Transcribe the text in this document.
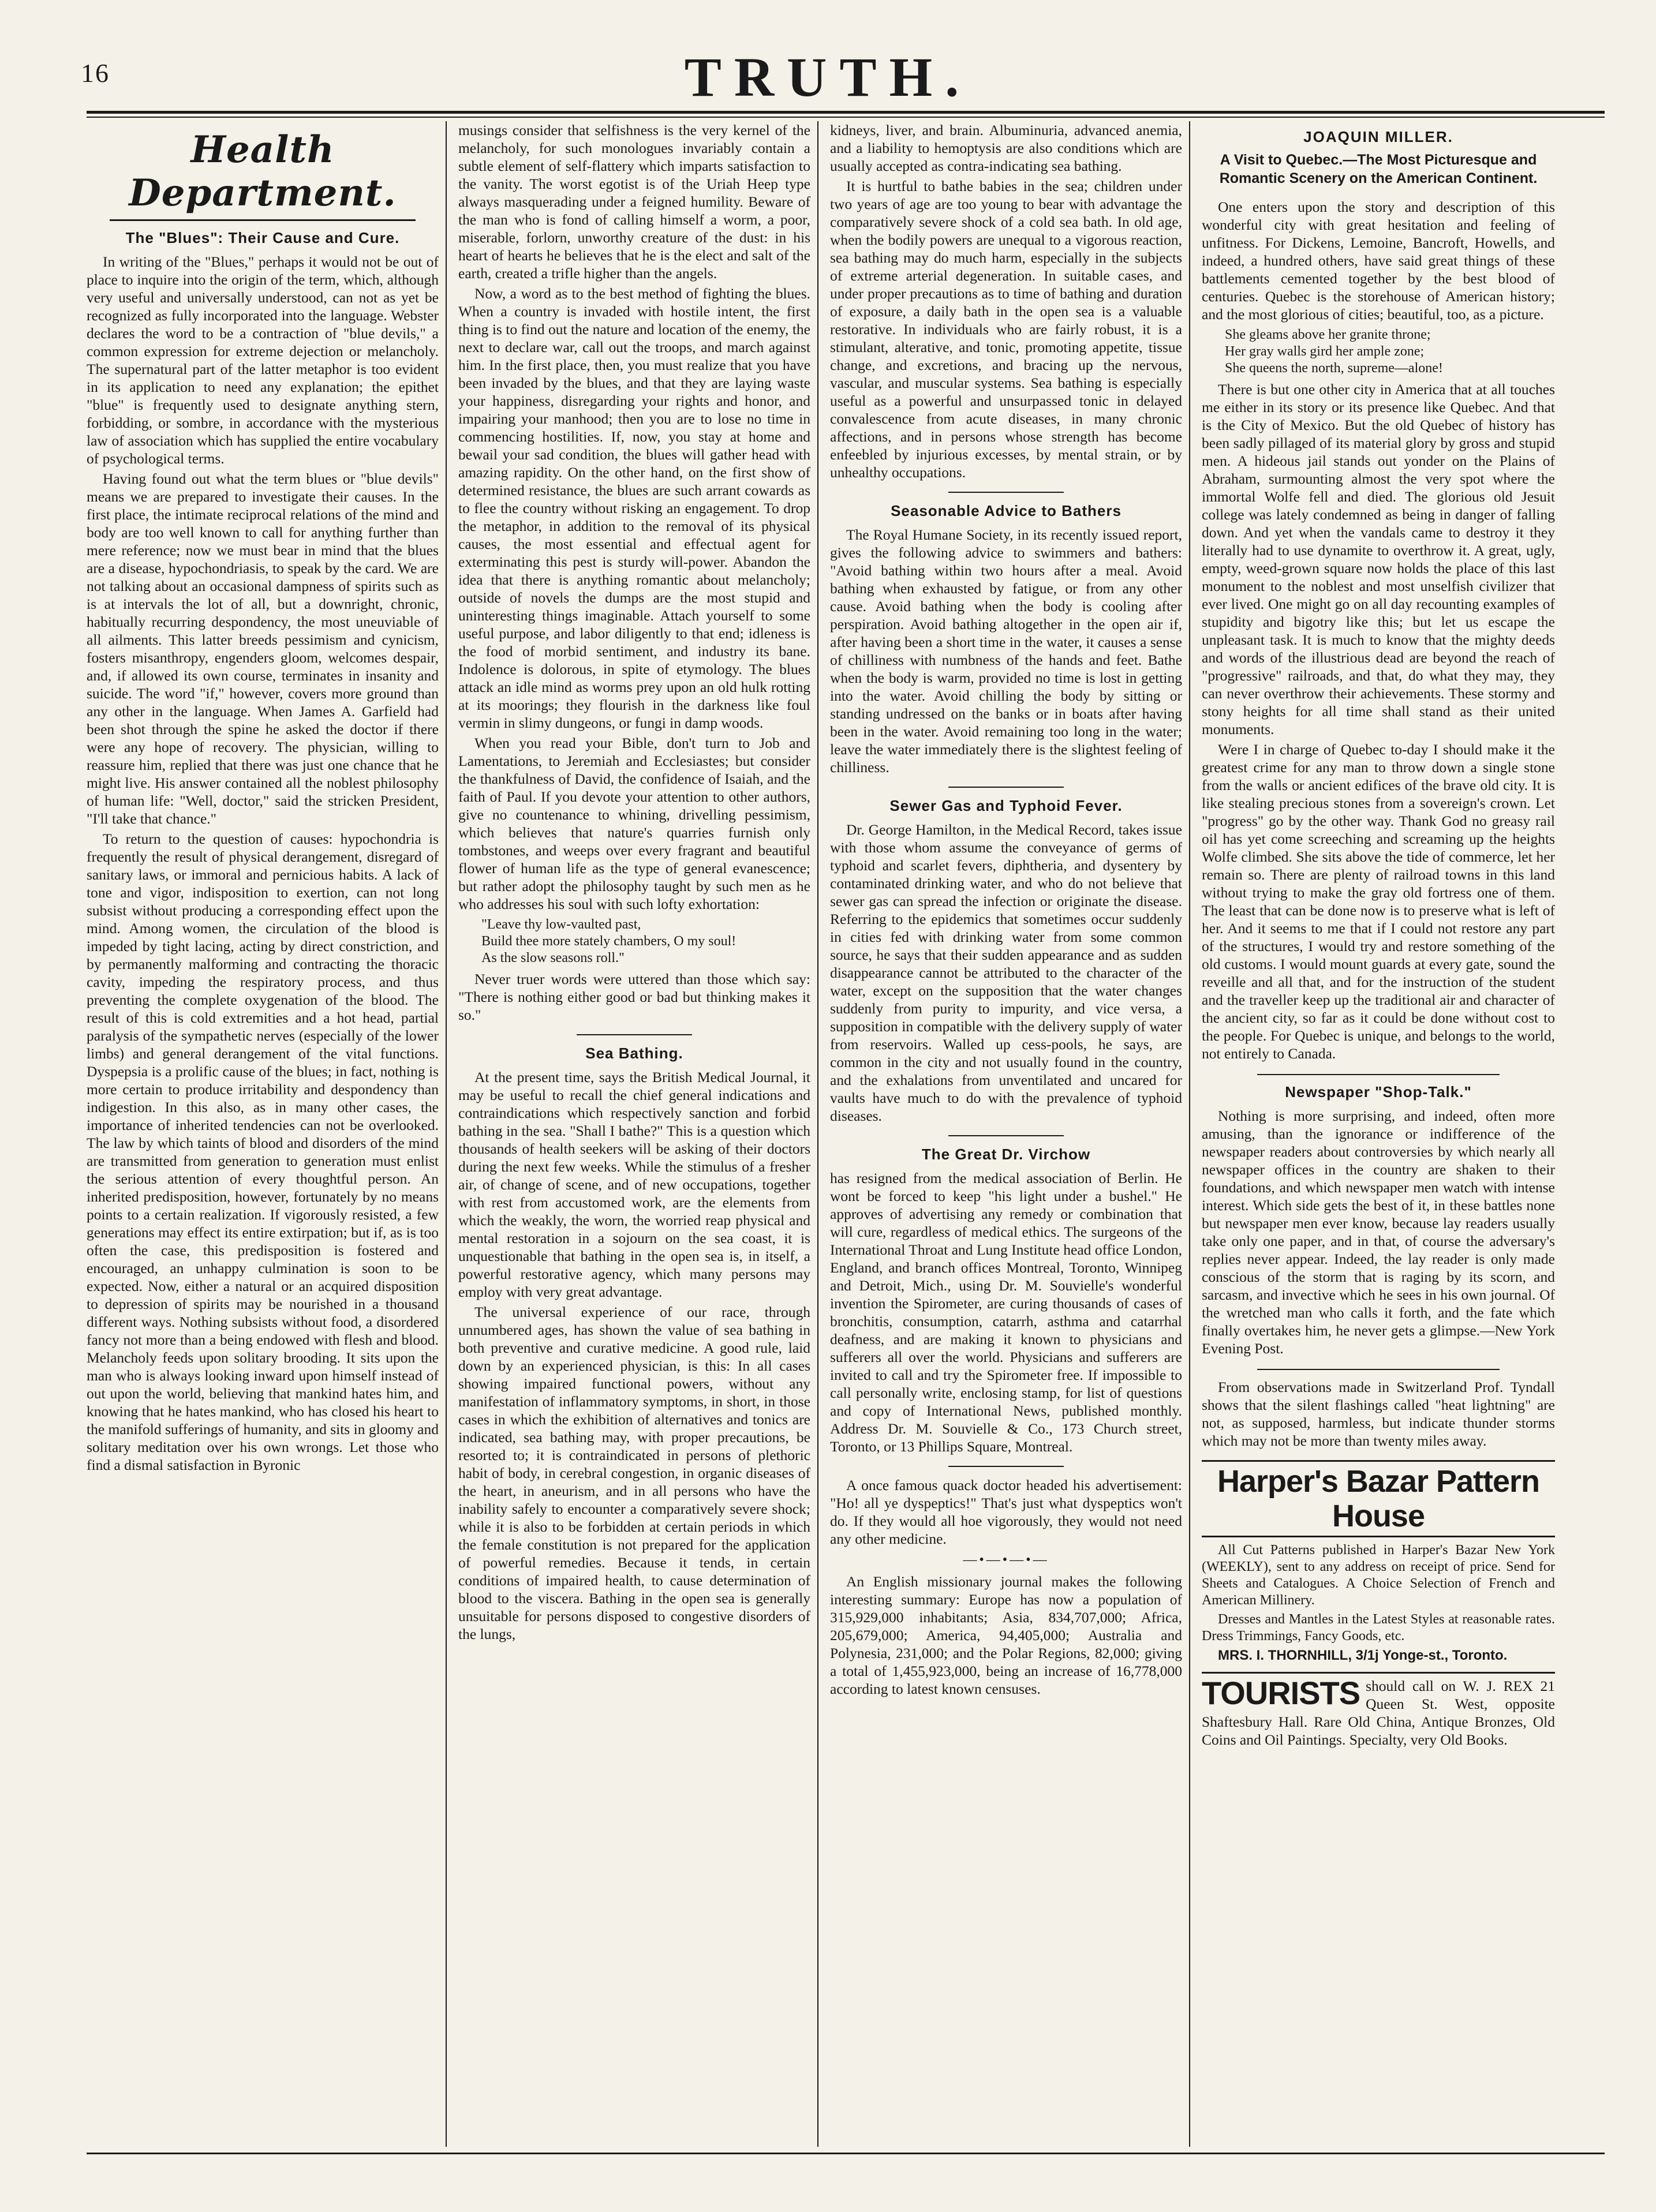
16	TRUTH.
Health Department.
The "Blues": Their Cause and Cure.

In writing of the "Blues," perhaps it would not be out of place to inquire into the origin of the term, which, although very useful and universally understood, can not as yet be recognized as fully incorporated into the language. Webster declares the word to be a contraction of "blue devils," a common expression for extreme dejection or melancholy. The supernatural part of the latter metaphor is too evident in its application to need any explanation; the epithet "blue" is frequently used to designate anything stern, forbidding, or sombre, in accordance with the mysterious law of association which has supplied the entire vocabulary of psychological terms.

Having found out what the term blues or "blue devils" means we are prepared to investigate their causes. In the first place, the intimate reciprocal relations of the mind and body are too well known to call for anything further than mere reference; now we must bear in mind that the blues are a disease, hypochondriasis, to speak by the card. We are not talking about an occasional dampness of spirits such as is at intervals the lot of all, but a downright, chronic, habitually recurring despondency, the most uneuviable of all ailments. This latter breeds pessimism and cynicism, fosters misanthropy, engenders gloom, welcomes despair, and, if allowed its own course, terminates in insanity and suicide. The word "if," however, covers more ground than any other in the language. When James A. Garfield had been shot through the spine he asked the doctor if there were any hope of recovery. The physician, willing to reassure him, replied that there was just one chance that he might live. His answer contained all the noblest philosophy of human life: "Well, doctor," said the stricken President, "I'll take that chance."

To return to the question of causes: hypochondria is frequently the result of physical derangement, disregard of sanitary laws, or immoral and pernicious habits. A lack of tone and vigor, indisposition to exertion, can not long subsist without producing a corresponding effect upon the mind. Among women, the circulation of the blood is impeded by tight lacing, acting by direct constriction, and by permanently malforming and contracting the thoracic cavity, impeding the respiratory process, and thus preventing the complete oxygenation of the blood. The result of this is cold extremities and a hot head, partial paralysis of the sympathetic nerves (especially of the lower limbs) and general derangement of the vital functions. Dyspepsia is a prolific cause of the blues; in fact, nothing is more certain to produce irritability and despondency than indigestion. In this also, as in many other cases, the importance of inherited tendencies can not be overlooked. The law by which taints of blood and disorders of the mind are transmitted from generation to generation must enlist the serious attention of every thoughtful person. An inherited predisposition, however, fortunately by no means points to a certain realization. If vigorously resisted, a few generations may effect its entire extirpation; but if, as is too often the case, this predisposition is fostered and encouraged, an unhappy culmination is soon to be expected. Now, either a natural or an acquired disposition to depression of spirits may be nourished in a thousand different ways. Nothing subsists without food, a disordered fancy not more than a being endowed with flesh and blood. Melancholy feeds upon solitary brooding. It sits upon the man who is always looking inward upon himself instead of out upon the world, believing that mankind hates him, and knowing that he hates mankind, who has closed his heart to the manifold sufferings of humanity, and sits in gloomy and solitary meditation over his own wrongs. Let those who find a dismal satisfaction in Byronic

musings consider that selfishness is the very kernel of the melancholy, for such monologues invariably contain a subtle element of self-flattery which imparts satisfaction to the vanity. The worst egotist is of the Uriah Heep type always masquerading under a feigned humility. Beware of the man who is fond of calling himself a worm, a poor, miserable, forlorn, unworthy creature of the dust: in his heart of hearts he believes that he is the elect and salt of the earth, created a trifle higher than the angels.

Now, a word as to the best method of fighting the blues. When a country is invaded with hostile intent, the first thing is to find out the nature and location of the enemy, the next to declare war, call out the troops, and march against him. In the first place, then, you must realize that you have been invaded by the blues, and that they are laying waste your happiness, disregarding your rights and honor, and impairing your manhood; then you are to lose no time in commencing hostilities. If, now, you stay at home and bewail your sad condition, the blues will gather head with amazing rapidity. On the other hand, on the first show of determined resistance, the blues are such arrant cowards as to flee the country without risking an engagement. To drop the metaphor, in addition to the removal of its physical causes, the most essential and effectual agent for exterminating this pest is sturdy will-power. Abandon the idea that there is anything romantic about melancholy; outside of novels the dumps are the most stupid and uninteresting things imaginable. Attach yourself to some useful purpose, and labor diligently to that end; idleness is the food of morbid sentiment, and industry its bane. Indolence is dolorous, in spite of etymology. The blues attack an idle mind as worms prey upon an old hulk rotting at its moorings; they flourish in the darkness like foul vermin in slimy dungeons, or fungi in damp woods.

When you read your Bible, don't turn to Job and Lamentations, to Jeremiah and Ecclesiastes; but consider the thankfulness of David, the confidence of Isaiah, and the faith of Paul. If you devote your attention to other authors, give no countenance to whining, drivelling pessimism, which believes that nature's quarries furnish only tombstones, and weeps over every fragrant and beautiful flower of human life as the type of general evanescence; but rather adopt the philosophy taught by such men as he who addresses his soul with such lofty exhortation:

"Leave thy low-vaulted past,
Build thee more stately chambers, O my soul!
As the slow seasons roll."

Never truer words were uttered than those which say: "There is nothing either good or bad but thinking makes it so."

Sea Bathing.

At the present time, says the British Medical Journal, it may be useful to recall the chief general indications and contraindications which respectively sanction and forbid bathing in the sea. "Shall I bathe?" This is a question which thousands of health seekers will be asking of their doctors during the next few weeks. While the stimulus of a fresher air, of change of scene, and of new occupations, together with rest from accustomed work, are the elements from which the weakly, the worn, the worried reap physical and mental restoration in a sojourn on the sea coast, it is unquestionable that bathing in the open sea is, in itself, a powerful restorative agency, which many persons may employ with very great advantage.

The universal experience of our race, through unnumbered ages, has shown the value of sea bathing in both preventive and curative medicine. A good rule, laid down by an experienced physician, is this: In all cases showing impaired functional powers, without any manifestation of inflammatory symptoms, in short, in those cases in which the exhibition of alternatives and tonics are indicated, sea bathing may, with proper precautions, be resorted to; it is contraindicated in persons of plethoric habit of body, in cerebral congestion, in organic diseases of the heart, in aneurism, and in all persons who have the inability safely to encounter a comparatively severe shock; while it is also to be forbidden at certain periods in which the female constitution is not prepared for the application of powerful remedies. Because it tends, in certain conditions of impaired health, to cause determination of blood to the viscera. Bathing in the open sea is generally unsuitable for persons disposed to congestive disorders of the lungs,

kidneys, liver, and brain. Albuminuria, advanced anemia, and a liability to hemoptysis are also conditions which are usually accepted as contra-indicating sea bathing.

It is hurtful to bathe babies in the sea; children under two years of age are too young to bear with advantage the comparatively severe shock of a cold sea bath. In old age, when the bodily powers are unequal to a vigorous reaction, sea bathing may do much harm, especially in the subjects of extreme arterial degeneration. In suitable cases, and under proper precautions as to time of bathing and duration of exposure, a daily bath in the open sea is a valuable restorative. In individuals who are fairly robust, it is a stimulant, alterative, and tonic, promoting appetite, tissue change, and excretions, and bracing up the nervous, vascular, and muscular systems. Sea bathing is especially useful as a powerful and unsurpassed tonic in delayed convalescence from acute diseases, in many chronic affections, and in persons whose strength has become enfeebled by injurious excesses, by mental strain, or by unhealthy occupations.

Seasonable Advice to Bathers

The Royal Humane Society, in its recently issued report, gives the following advice to swimmers and bathers: "Avoid bathing within two hours after a meal. Avoid bathing when exhausted by fatigue, or from any other cause. Avoid bathing when the body is cooling after perspiration. Avoid bathing altogether in the open air if, after having been a short time in the water, it causes a sense of chilliness with numbness of the hands and feet. Bathe when the body is warm, provided no time is lost in getting into the water. Avoid chilling the body by sitting or standing undressed on the banks or in boats after having been in the water. Avoid remaining too long in the water; leave the water immediately there is the slightest feeling of chilliness.

Sewer Gas and Typhoid Fever.

Dr. George Hamilton, in the Medical Record, takes issue with those whom assume the conveyance of germs of typhoid and scarlet fevers, diphtheria, and dysentery by contaminated drinking water, and who do not believe that sewer gas can spread the infection or originate the disease. Referring to the epidemics that sometimes occur suddenly in cities fed with drinking water from some common source, he says that their sudden appearance and as sudden disappearance cannot be attributed to the character of the water, except on the supposition that the water changes suddenly from purity to impurity, and vice versa, a supposition in compatible with the delivery supply of water from reservoirs. Walled up cess-pools, he says, are common in the city and not usually found in the country, and the exhalations from unventilated and uncared for vaults have much to do with the prevalence of typhoid diseases.

The Great Dr. Virchow

has resigned from the medical association of Berlin. He wont be forced to keep "his light under a bushel." He approves of advertising any remedy or combination that will cure, regardless of medical ethics. The surgeons of the International Throat and Lung Institute head office London, England, and branch offices Montreal, Toronto, Winnipeg and Detroit, Mich., using Dr. M. Souvielle's wonderful invention the Spirometer, are curing thousands of cases of bronchitis, consumption, catarrh, asthma and catarrhal deafness, and are making it known to physicians and sufferers all over the world. Physicians and sufferers are invited to call and try the Spirometer free. If impossible to call personally write, enclosing stamp, for list of questions and copy of International News, published monthly. Address Dr. M. Souvielle & Co., 173 Church street, Toronto, or 13 Phillips Square, Montreal.

A once famous quack doctor headed his advertisement: "Ho! all ye dyspeptics!" That's just what dyspeptics won't do. If they would all hoe vigorously, they would not need any other medicine.

—•—•—•—

An English missionary journal makes the following interesting summary: Europe has now a population of 315,929,000 inhabitants; Asia, 834,707,000; Africa, 205,679,000; America, 94,405,000; Australia and Polynesia, 231,000; and the Polar Regions, 82,000; giving a total of 1,455,923,000, being an increase of 16,778,000 according to latest known censuses.

JOAQUIN MILLER.
A Visit to Quebec.—The Most Picturesque and Romantic Scenery on the American Continent.

One enters upon the story and description of this wonderful city with great hesitation and feeling of unfitness. For Dickens, Lemoine, Bancroft, Howells, and indeed, a hundred others, have said great things of these battlements cemented together by the best blood of centuries. Quebec is the storehouse of American history; and the most glorious of cities; beautiful, too, as a picture.

She gleams above her granite throne;
Her gray walls gird her ample zone;
She queens the north, supreme—alone!

There is but one other city in America that at all touches me either in its story or its presence like Quebec. And that is the City of Mexico. But the old Quebec of history has been sadly pillaged of its material glory by gross and stupid men. A hideous jail stands out yonder on the Plains of Abraham, surmounting almost the very spot where the immortal Wolfe fell and died. The glorious old Jesuit college was lately condemned as being in danger of falling down. And yet when the vandals came to destroy it they literally had to use dynamite to overthrow it. A great, ugly, empty, weed-grown square now holds the place of this last monument to the noblest and most unselfish civilizer that ever lived. One might go on all day recounting examples of stupidity and bigotry like this; but let us escape the unpleasant task. It is much to know that the mighty deeds and words of the illustrious dead are beyond the reach of "progressive" railroads, and that, do what they may, they can never overthrow their achievements. These stormy and stony heights for all time shall stand as their united monuments.

Were I in charge of Quebec to-day I should make it the greatest crime for any man to throw down a single stone from the walls or ancient edifices of the brave old city. It is like stealing precious stones from a sovereign's crown. Let "progress" go by the other way. Thank God no greasy rail oil has yet come screeching and screaming up the heights Wolfe climbed. She sits above the tide of commerce, let her remain so. There are plenty of railroad towns in this land without trying to make the gray old fortress one of them. The least that can be done now is to preserve what is left of her. And it seems to me that if I could not restore any part of the structures, I would try and restore something of the old customs. I would mount guards at every gate, sound the reveille and all that, and for the instruction of the student and the traveller keep up the traditional air and character of the ancient city, so far as it could be done without cost to the people. For Quebec is unique, and belongs to the world, not entirely to Canada.

Newspaper "Shop-Talk."

Nothing is more surprising, and indeed, often more amusing, than the ignorance or indifference of the newspaper readers about controversies by which nearly all newspaper offices in the country are shaken to their foundations, and which newspaper men watch with intense interest. Which side gets the best of it, in these battles none but newspaper men ever know, because lay readers usually take only one paper, and in that, of course the adversary's replies never appear. Indeed, the lay reader is only made conscious of the storm that is raging by its scorn, and sarcasm, and invective which he sees in his own journal. Of the wretched man who calls it forth, and the fate which finally overtakes him, he never gets a glimpse.—New York Evening Post.

From observations made in Switzerland Prof. Tyndall shows that the silent flashings called "heat lightning" are not, as supposed, harmless, but indicate thunder storms which may not be more than twenty miles away.

Harper's Bazar Pattern House

All Cut Patterns published in Harper's Bazar New York (WEEKLY), sent to any address on receipt of price. Send for Sheets and Catalogues. A Choice Selection of French and American Millinery.

Dresses and Mantles in the Latest Styles at reasonable rates. Dress Trimmings, Fancy Goods, etc.

MRS. I. THORNHILL, 3/1j Yonge-st., Toronto.

TOURISTS should call on W. J. REX 21 Queen St. West, opposite Shaftesbury Hall. Rare Old China, Antique Bronzes, Old Coins and Oil Paintings. Specialty, very Old Books.
